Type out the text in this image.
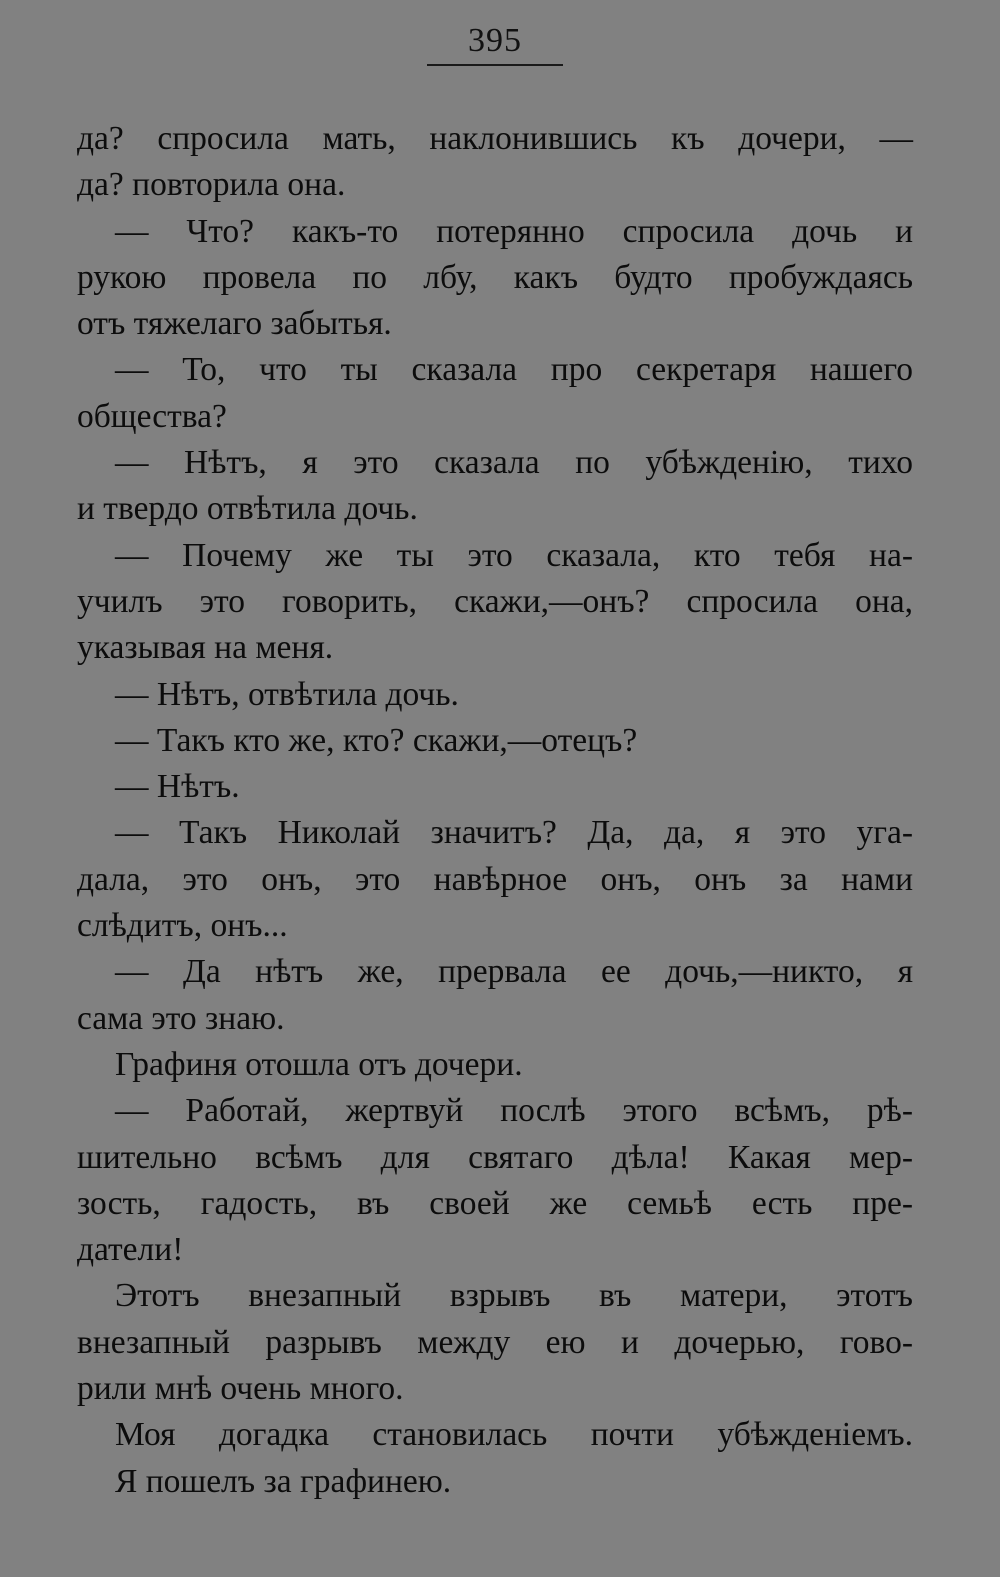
395
да? спросила мать, наклонившись къ дочери, —
да? повторила она.
— Что? какъ-то потерянно спросила дочь и
рукою провела по лбу, какъ будто пробуждаясь
отъ тяжелаго забытья.
— То, что ты сказала про секретаря нашего
общества?
— Нѣтъ, я это сказала по убѣжденію, тихо
и твердо отвѣтила дочь.
— Почему же ты это сказала, кто тебя на-
училъ это говорить, скажи,—онъ? спросила она,
указывая на меня.
— Нѣтъ, отвѣтила дочь.
— Такъ кто же, кто? скажи,—отецъ?
— Нѣтъ.
— Такъ Николай значитъ? Да, да, я это уга-
дала, это онъ, это навѣрное онъ, онъ за нами
слѣдитъ, онъ...
— Да нѣтъ же, прервала ее дочь,—никто, я
сама это знаю.
Графиня отошла отъ дочери.
— Работай, жертвуй послѣ этого всѣмъ, рѣ-
шительно всѣмъ для святаго дѣла! Какая мер-
зость, гадость, въ своей же семьѣ есть пре-
датели!
Этотъ внезапный взрывъ въ матери, этотъ
внезапный разрывъ между ею и дочерью, гово-
рили мнѣ очень много.
Моя догадка становилась почти убѣжденіемъ.
Я пошелъ за графинею.
